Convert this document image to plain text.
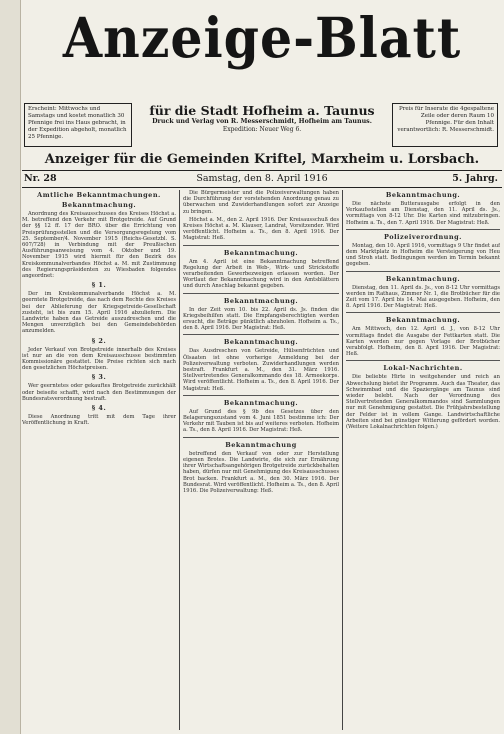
Anzeige-Blatt
Erscheint: Mittwochs und Samstags und kostet monatlich 30 Pfennige frei ins Haus gebracht, in der Expedition abgeholt, monatlich 25 Pfennige.
für die Stadt Hofheim a. Taunus
Druck und Verlag von R. Messerschmidt, Hofheim am Taunus.
Expedition: Neuer Weg 6.
Preis für Inserate die 4gespaltene Zeile oder deren Raum 10 Pfennige. Für den Inhalt verantwortlich: R. Messerschmidt.
Anzeiger für die Gemeinden Kriftel, Marxheim u. Lorsbach.
Nr. 28	Samstag, den 8. April 1916	5. Jahrg.
Amtliche Bekanntmachungen.
Bekanntmachung.

Anordnung des Kreisausschusses des Kreises Höchst a. M. betreffend den Verkehr mit Brotgetreide. Auf Grund der §§ 12 ff. 17 der BRO. über die Errichtung von Preisprüfungsstellen und die Versorgungsregelung vom 25. September/4. November 1915 (Reichs-Gesetzbl. S. 607/728) in Verbindung mit der Preußischen Ausführungsanweisung vom 4. Oktober und 19. November 1915 wird hiermit für den Bezirk des Kreiskommunalverbandes Höchst a. M. mit Zustimmung des Regierungspräsidenten zu Wiesbaden folgendes angeordnet:

§ 1.

Der im Kreiskommunalverbande Höchst a. M. geerntete Brotgetreide, das nach dem Rechte des Kreises bei der Ablieferung der Kriegsgetreide-Gesellschaft zusteht, ist bis zum 15. April 1916 abzuliefern. Die Landwirte haben das Getreide auszudreschen und die Mengen unverzüglich bei den Gemeindebehörden anzumelden.

§ 2.

Jeder Verkauf von Brotgetreide innerhalb des Kreises ist nur an die von dem Kreisausschusse bestimmten Kommissionäre gestattet. Die Preise richten sich nach den gesetzlichen Höchstpreisen.

§ 3.

Wer geerntetes oder gekauftes Brotgetreide zurückhält oder beiseite schafft, wird nach den Bestimmungen der Bundesratsverordnung bestraft.

§ 4.

Diese Anordnung tritt mit dem Tage ihrer Veröffentlichung in Kraft.

Die Bürgermeister und die Polizeiverwaltungen haben die Durchführung der vorstehenden Anordnung genau zu überwachen und Zuwiderhandlungen sofort zur Anzeige zu bringen.

Höchst a. M., den 2. April 1916. Der Kreisausschuß des Kreises Höchst a. M. Klauser, Landrat, Vorsitzender. Wird veröffentlicht. Hofheim a. Ts., den 8. April 1916. Der Magistrat: Heß.

Bekanntmachung.

Am 4. April ist eine Bekanntmachung betreffend Regelung der Arbeit in Web-, Wirk- und Strickstoffe verarbeitenden Gewerbezweigen erlassen worden. Der Wortlaut der Bekanntmachung wird in den Amtsblättern und durch Anschlag bekannt gegeben.

Bekanntmachung.

In der Zeit vom 10. bis 22. April ds. Js. finden die Kriegsbeihilfen statt. Die Empfangsberechtigten werden ersucht, die Beträge pünktlich abzuholen. Hofheim a. Ts., den 8. April 1916. Der Magistrat: Heß.

Bekanntmachung.

Das Ausdreschen von Getreide, Hülsenfrüchten und Ölsaaten ist ohne vorherige Anmeldung bei der Polizeiverwaltung verboten. Zuwiderhandlungen werden bestraft. Frankfurt a. M., den 31. März 1916. Stellvertretendes Generalkommando des 18. Armeekorps. Wird veröffentlicht. Hofheim a. Ts., den 8. April 1916. Der Magistrat: Heß.

Bekanntmachung.

Auf Grund des § 9b des Gesetzes über den Belagerungszustand vom 4. Juni 1851 bestimme ich: Der Verkehr mit Tauben ist bis auf weiteres verboten. Hofheim a. Ts., den 8. April 1916. Der Magistrat: Heß.

Bekanntmachung

betreffend den Verkauf von oder zur Herstellung eigenen Brotes. Die Landwirte, die sich zur Ernährung ihrer Wirtschaftsangehörigen Brotgetreide zurückbehalten haben, dürfen nur mit Genehmigung des Kreisausschusses Brot backen. Frankfurt a. M., den 30. März 1916. Der Bundesrat. Wird veröffentlicht. Hofheim a. Ts., den 8. April 1916. Die Polizeiverwaltung: Heß.

Bekanntmachung.

Die nächste Butterausgabe erfolgt in den Verkaufsstellen am Dienstag, den 11. April ds. Js., vormittags von 8-12 Uhr. Die Karten sind mitzubringen. Hofheim a. Ts., den 7. April 1916. Der Magistrat: Heß.

Polizeiverordnung.

Montag, den 10. April 1916, vormittags 9 Uhr findet auf dem Marktplatz in Hofheim die Versteigerung von Heu und Stroh statt. Bedingungen werden im Termin bekannt gegeben.

Bekanntmachung.

Dienstag, den 11. April ds. Js., von 8-12 Uhr vormittags werden im Rathaus, Zimmer Nr. 1, die Brotbücher für die Zeit vom 17. April bis 14. Mai ausgegeben. Hofheim, den 8. April 1916. Der Magistrat: Heß.

Bekanntmachung.

Am Mittwoch, den 12. April d. J., von 8-12 Uhr vormittags findet die Ausgabe der Fettkarten statt. Die Karten werden nur gegen Vorlage der Brotbücher verabfolgt. Hofheim, den 8. April 1916. Der Magistrat: Heß.

Lokal-Nachrichten.

Die beliebte Hirte in weitgehender und reich an Abwechslung bietet ihr Programm. Auch das Theater, das Schwimmbad und die Spaziergänge am Taunus sind wieder belebt. Nach der Verordnung des Stellvertretenden Generalkommandos sind Sammlungen nur mit Genehmigung gestattet. Die Frühjahrsbestellung der Felder ist in vollem Gange. Landwirtschaftliche Arbeiten sind bei günstiger Witterung gefördert worden. (Weitere Lokalnachrichten folgen.)
